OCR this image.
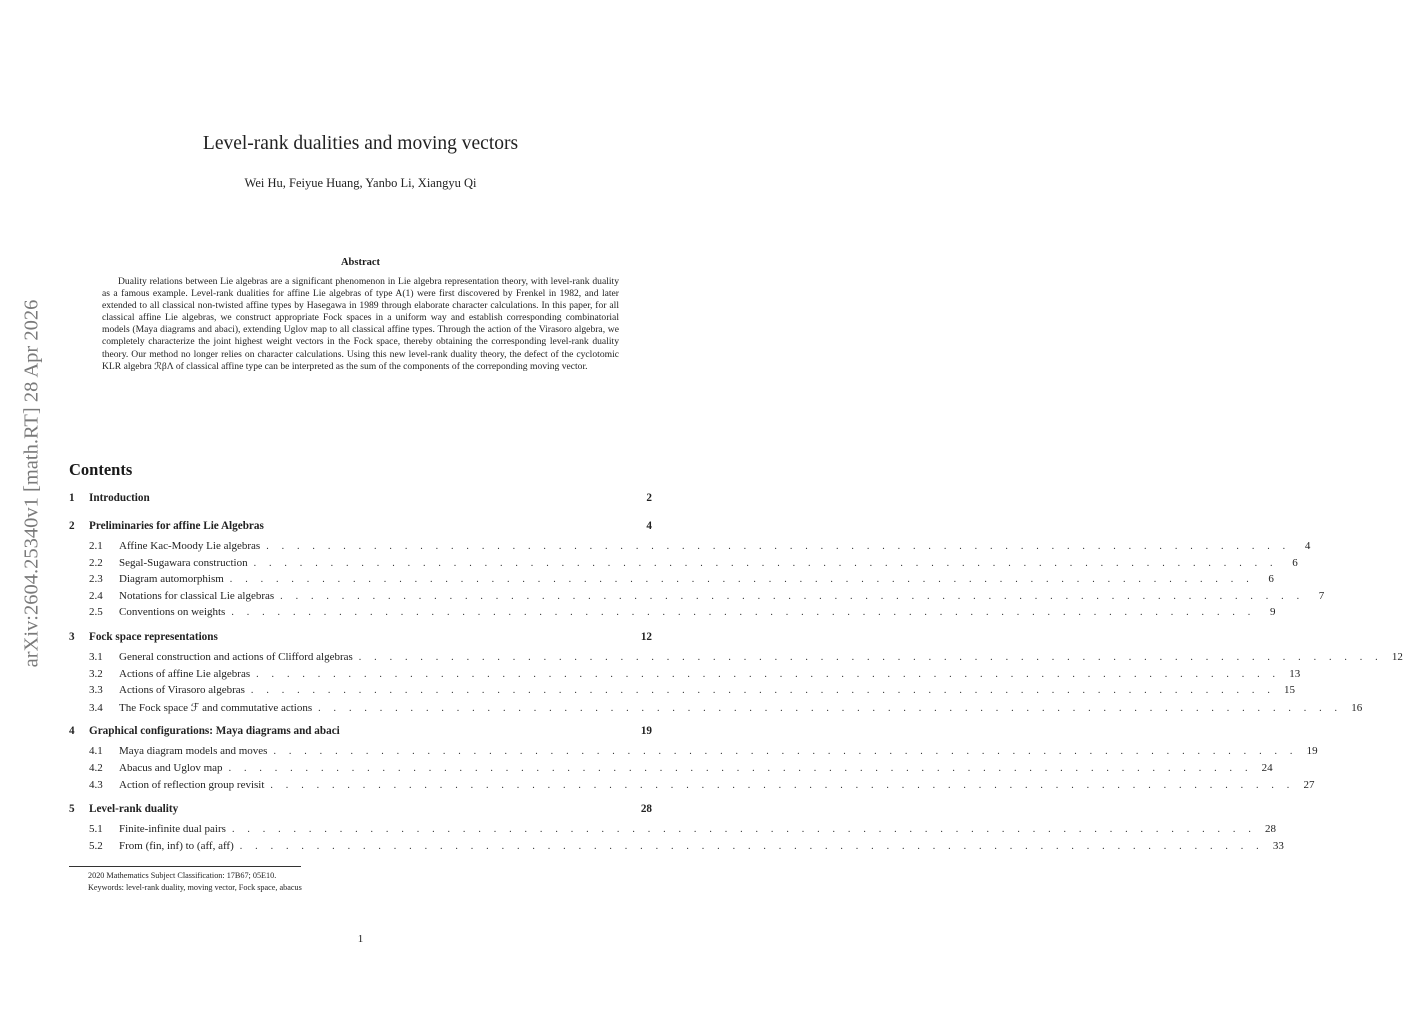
arXiv:2604.25340v1 [math.RT] 28 Apr 2026
Level-rank dualities and moving vectors
Wei Hu, Feiyue Huang, Yanbo Li, Xiangyu Qi
Abstract
Duality relations between Lie algebras are a significant phenomenon in Lie algebra representation theory, with level-rank duality as a famous example. Level-rank dualities for affine Lie algebras of type A(1) were first discovered by Frenkel in 1982, and later extended to all classical non-twisted affine types by Hasegawa in 1989 through elaborate character calculations. In this paper, for all classical affine Lie algebras, we construct appropriate Fock spaces in a uniform way and establish corresponding combinatorial models (Maya diagrams and abaci), extending Uglov map to all classical affine types. Through the action of the Virasoro algebra, we completely characterize the joint highest weight vectors in the Fock space, thereby obtaining the corresponding level-rank duality theory. Our method no longer relies on character calculations. Using this new level-rank duality theory, the defect of the cyclotomic KLR algebra ℛβΛ of classical affine type can be interpreted as the sum of the components of the correponding moving vector.
Contents
1	Introduction	2
2	Preliminaries for affine Lie Algebras	4
2.1	Affine Kac-Moody Lie algebras . . . . . . . . . . . . . . . . . . . . . . . . . . . . . . . . . . . . . . . . . . . . . . . . . . . . . . . . . . . . . . . . . . .	4
2.2	Segal-Sugawara construction . . . . . . . . . . . . . . . . . . . . . . . . . . . . . . . . . . . . . . . . . . . . . . . . . . . . . . . . . . . . . . . . . . .	6
2.3	Diagram automorphism . . . . . . . . . . . . . . . . . . . . . . . . . . . . . . . . . . . . . . . . . . . . . . . . . . . . . . . . . . . . . . . . . . .	6
2.4	Notations for classical Lie algebras . . . . . . . . . . . . . . . . . . . . . . . . . . . . . . . . . . . . . . . . . . . . . . . . . . . . . . . . . . . . . . . . . . .	7
2.5	Conventions on weights . . . . . . . . . . . . . . . . . . . . . . . . . . . . . . . . . . . . . . . . . . . . . . . . . . . . . . . . . . . . . . . . . . .	9
3	Fock space representations	12
3.1	General construction and actions of Clifford algebras . . . . . . . . . . . . . . . . . . . . . . . . . . . . . . . . . . . . . . . . . . . . . . . . . . . . . . . . . . . . . . . . . . . 12
3.2	Actions of affine Lie algebras . . . . . . . . . . . . . . . . . . . . . . . . . . . . . . . . . . . . . . . . . . . . . . . . . . . . . . . . . . . . . . . . . . . 13
3.3	Actions of Virasoro algebras . . . . . . . . . . . . . . . . . . . . . . . . . . . . . . . . . . . . . . . . . . . . . . . . . . . . . . . . . . . . . . . . . . . 15
3.4	The Fock space ℱ and commutative actions . . . . . . . . . . . . . . . . . . . . . . . . . . . . . . . . . . . . . . . . . . . . . . . . . . . . . . . . . . . . . . . . . . . 16
4	Graphical configurations: Maya diagrams and abaci	19
4.1	Maya diagram models and moves . . . . . . . . . . . . . . . . . . . . . . . . . . . . . . . . . . . . . . . . . . . . . . . . . . . . . . . . . . . . . . . . . . . 19
4.2	Abacus and Uglov map . . . . . . . . . . . . . . . . . . . . . . . . . . . . . . . . . . . . . . . . . . . . . . . . . . . . . . . . . . . . . . . . . . . 24
4.3	Action of reflection group revisit . . . . . . . . . . . . . . . . . . . . . . . . . . . . . . . . . . . . . . . . . . . . . . . . . . . . . . . . . . . . . . . . . . . 27
5	Level-rank duality	28
5.1	Finite-infinite dual pairs . . . . . . . . . . . . . . . . . . . . . . . . . . . . . . . . . . . . . . . . . . . . . . . . . . . . . . . . . . . . . . . . . . . 28
5.2	From (fin, inf) to (aff, aff) . . . . . . . . . . . . . . . . . . . . . . . . . . . . . . . . . . . . . . . . . . . . . . . . . . . . . . . . . . . . . . . . . . . 33
2020 Mathematics Subject Classification: 17B67; 05E10.
Keywords: level-rank duality, moving vector, Fock space, abacus
1
